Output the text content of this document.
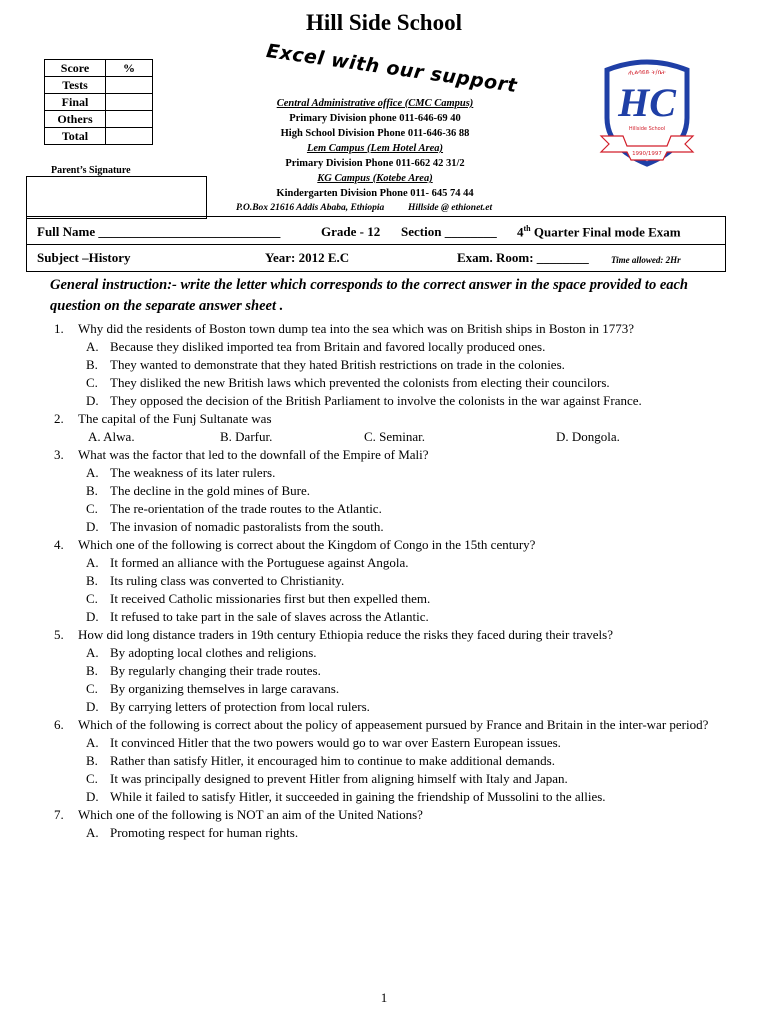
Hill Side School
Excel with our support
Score	%
Tests	
Final	
Others	
Total	
Central Administrative office (CMC Campus)
Primary Division phone 011-646-69 40
High School Division Phone 011-646-36 88
Lem Campus (Lem Hotel Area)
Primary Division Phone 011-662 42 31/2
KG Campus (Kotebe Area)
Kindergarten Division Phone 011- 645 74 44
P.O.Box 21616 Addis Ababa, Ethiopia	Hillside @ ethionet.et
ሒልሳይድ ት/ቤት
HC
Hillside School
1990/1997
Parent’s Signature
Full Name ____________________________	Grade - 12 Section ________ 4th Quarter Final mode Exam
Subject –History	Year: 2012 E.C	Exam. Room: ________ Time allowed: 2Hr
General instruction:- write the letter which corresponds to the correct answer in the space provided to each question on the separate answer sheet .
1.	Why did the residents of Boston town dump tea into the sea which was on British ships in Boston in 1773?
A. Because they disliked imported tea from Britain and favored locally produced ones.
B. They wanted to demonstrate that they hated British restrictions on trade in the colonies.
C. They disliked the new British laws which prevented the colonists from electing their councilors.
D. They opposed the decision of the British Parliament to involve the colonists in the war against France.
2.	The capital of the Funj Sultanate was
A. Alwa.	B. Darfur.	C. Seminar.	D. Dongola.
3.	What was the factor that led to the downfall of the Empire of Mali?
A. The weakness of its later rulers.
B. The decline in the gold mines of Bure.
C. The re-orientation of the trade routes to the Atlantic.
D. The invasion of nomadic pastoralists from the south.
4.	Which one of the following is correct about the Kingdom of Congo in the 15th century?
A. It formed an alliance with the Portuguese against Angola.
B. Its ruling class was converted to Christianity.
C. It received Catholic missionaries first but then expelled them.
D. It refused to take part in the sale of slaves across the Atlantic.
5.	How did long distance traders in 19th century Ethiopia reduce the risks they faced during their travels?
A. By adopting local clothes and religions.
B. By regularly changing their trade routes.
C. By organizing themselves in large caravans.
D. By carrying letters of protection from local rulers.
6.	Which of the following is correct about the policy of appeasement pursued by France and Britain in the inter-war period?
A. It convinced Hitler that the two powers would go to war over Eastern European issues.
B. Rather than satisfy Hitler, it encouraged him to continue to make additional demands.
C. It was principally designed to prevent Hitler from aligning himself with Italy and Japan.
D. While it failed to satisfy Hitler, it succeeded in gaining the friendship of Mussolini to the allies.
7.	Which one of the following is NOT an aim of the United Nations?
A. Promoting respect for human rights.
1
